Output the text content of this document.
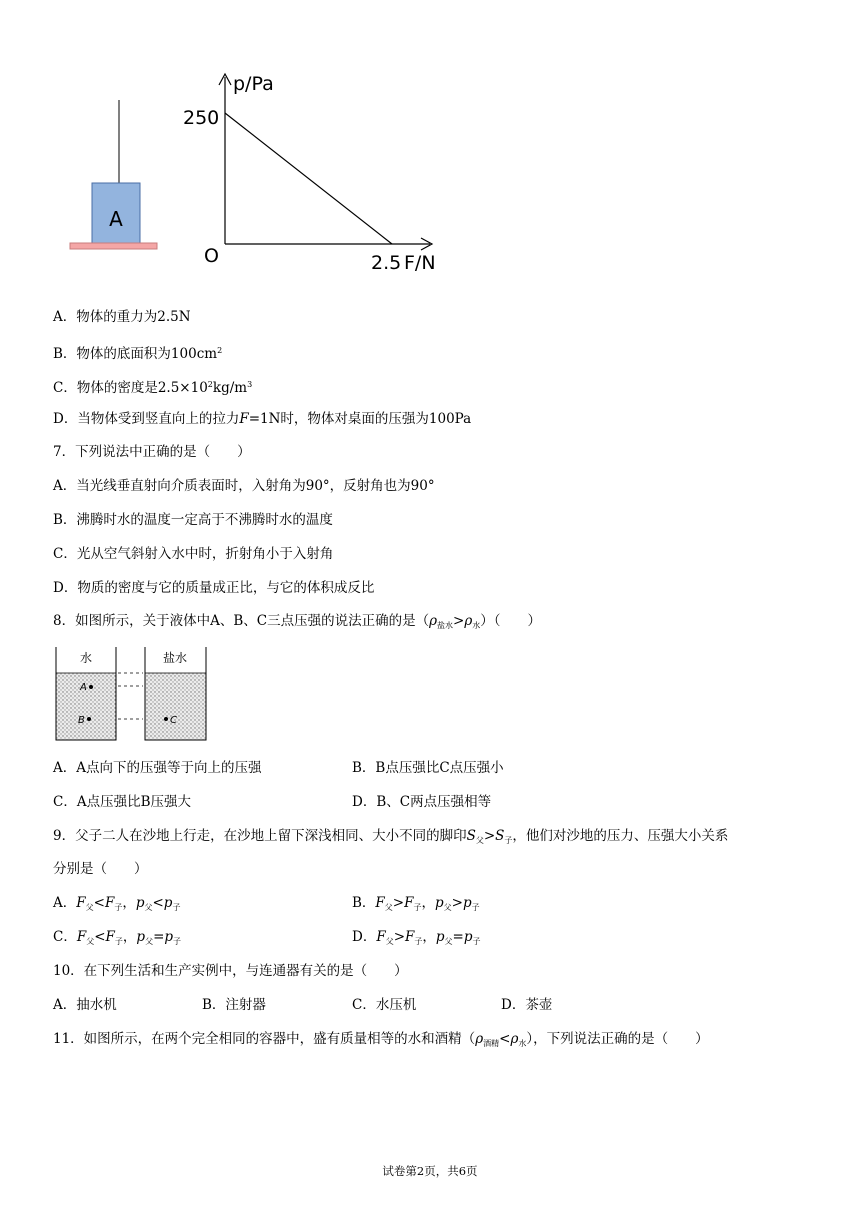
A
p/Pa
250
O	2.5 F/N
A．物体的重力为2.5N
B．物体的底面积为$100cm^2$
C．物体的密度是$2.5\times 10^2kg/m^3$
D．当物体受到竖直向上的拉力F=1N时，物体对桌面的压强为100Pa
7．下列说法中正确的是（　　）
A．当光线垂直射向介质表面时，入射角为90°，反射角也为90°
B．沸腾时水的温度一定高于不沸腾时水的温度
C．光从空气斜射入水中时，折射角小于入射角
D．物质的密度与它的质量成正比，与它的体积成反比
8．如图所示，关于液体中A、B、C三点压强的说法正确的是$(\rho_{盐水}>\rho_水)$（　　）
水	盐水
A
B	C
A．A点向下的压强等于向上的压强	B．B点压强比C点压强小
C．A点压强比B压强大	D．B、C两点压强相等
9．父子二人在沙地上行走，在沙地上留下深浅相同、大小不同的脚印$S_父>S_子$，他们对沙地的压力、压强大小关系
分别是（　　）
A．$F_父<F_子$，$p_父<p_子$	B．$F_父>F_子$，$p_父>p_子$
C．$F_父<F_子$，$p_父=p_子$	D．$F_父>F_子$，$p_父=p_子$
10．在下列生活和生产实例中，与连通器有关的是（　　）
A．抽水机	B．注射器	C．水压机	D．茶壶
11．如图所示，在两个完全相同的容器中，盛有质量相等的水和酒精$(\rho_{酒精}<\rho_水)$，下列说法正确的是（　　）
试卷第2页，共6页
